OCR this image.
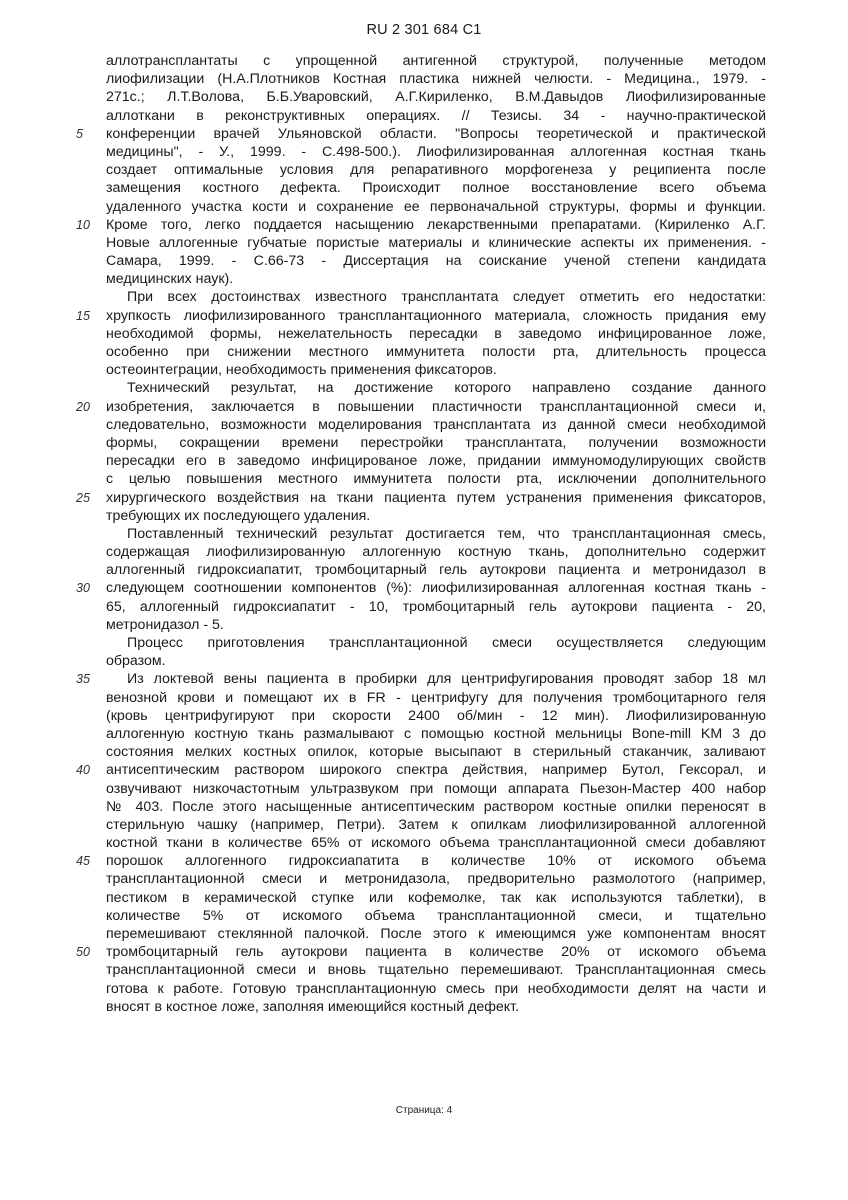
RU 2 301 684 C1
аллотрансплантаты с упрощенной антигенной структурой, полученные методом
лиофилизации (Н.А.Плотников Костная пластика нижней челюсти. - Медицина., 1979. -
271с.; Л.Т.Волова, Б.Б.Уваровский, А.Г.Кириленко, В.М.Давыдов Лиофилизированные
аллоткани в реконструктивных операциях. // Тезисы. 34 - научно-практической
конференции врачей Ульяновской области. "Вопросы теоретической и практической
5
медицины", - У., 1999. - С.498-500.). Лиофилизированная аллогенная костная ткань
создает оптимальные условия для репаративного морфогенеза у реципиента после
замещения костного дефекта. Происходит полное восстановление всего объема
удаленного участка кости и сохранение ее первоначальной структуры, формы и функции.
Кроме того, легко поддается насыщению лекарственными препаратами. (Кириленко А.Г.
10
Новые аллогенные губчатые пористые материалы и клинические аспекты их применения. -
Самара, 1999. - С.66-73 - Диссертация на соискание ученой степени кандидата
медицинских наук).
При всех достоинствах известного трансплантата следует отметить его недостатки:
хрупкость лиофилизированного трансплантационного материала, сложность придания ему
15
необходимой формы, нежелательность пересадки в заведомо инфицированное ложе,
особенно при снижении местного иммунитета полости рта, длительность процесса
остеоинтеграции, необходимость применения фиксаторов.
Технический результат, на достижение которого направлено создание данного
изобретения, заключается в повышении пластичности трансплантационной смеси и,
20
следовательно, возможности моделирования трансплантата из данной смеси необходимой
формы, сокращении времени перестройки трансплантата, получении возможности
пересадки его в заведомо инфицированое ложе, придании иммуномодулирующих свойств
с целью повышения местного иммунитета полости рта, исключении дополнительного
хирургического воздействия на ткани пациента путем устранения применения фиксаторов,
25
требующих их последующего удаления.
Поставленный технический результат достигается тем, что трансплантационная смесь,
содержащая лиофилизированную аллогенную костную ткань, дополнительно содержит
аллогенный гидроксиапатит, тромбоцитарный гель аутокрови пациента и метронидазол в
следующем соотношении компонентов (%): лиофилизированная аллогенная костная ткань -
30
65, аллогенный гидроксиапатит - 10, тромбоцитарный гель аутокрови пациента - 20,
метронидазол - 5.
Процесс приготовления трансплантационной смеси осуществляется следующим
образом.
Из локтевой вены пациента в пробирки для центрифугирования проводят забор 18 мл
35
венозной крови и помещают их в FR - центрифугу для получения тромбоцитарного геля
(кровь центрифугируют при скорости 2400 об/мин - 12 мин). Лиофилизированную
аллогенную костную ткань размалывают с помощью костной мельницы Bone-mill KM 3 до
состояния мелких костных опилок, которые высыпают в стерильный стаканчик, заливают
антисептическим раствором широкого спектра действия, например Бутол, Гексорал, и
40
озвучивают низкочастотным ультразвуком при помощи аппарата Пьезон-Мастер 400 набор
№ 403. После этого насыщенные антисептическим раствором костные опилки переносят в
стерильную чашку (например, Петри). Затем к опилкам лиофилизированной аллогенной
костной ткани в количестве 65% от искомого объема трансплантационной смеси добавляют
порошок аллогенного гидроксиапатита в количестве 10% от искомого объема
45
трансплантационной смеси и метронидазола, предворительно размолотого (например,
пестиком в керамической ступке или кофемолке, так как используются таблетки), в
количестве 5% от искомого объема трансплантационной смеси, и тщательно
перемешивают стеклянной палочкой. После этого к имеющимся уже компонентам вносят
тромбоцитарный гель аутокрови пациента в количестве 20% от искомого объема
50
трансплантационной смеси и вновь тщательно перемешивают. Трансплантационная смесь
готова к работе. Готовую трансплантационную смесь при необходимости делят на части и
вносят в костное ложе, заполняя имеющийся костный дефект.
Страница: 4
